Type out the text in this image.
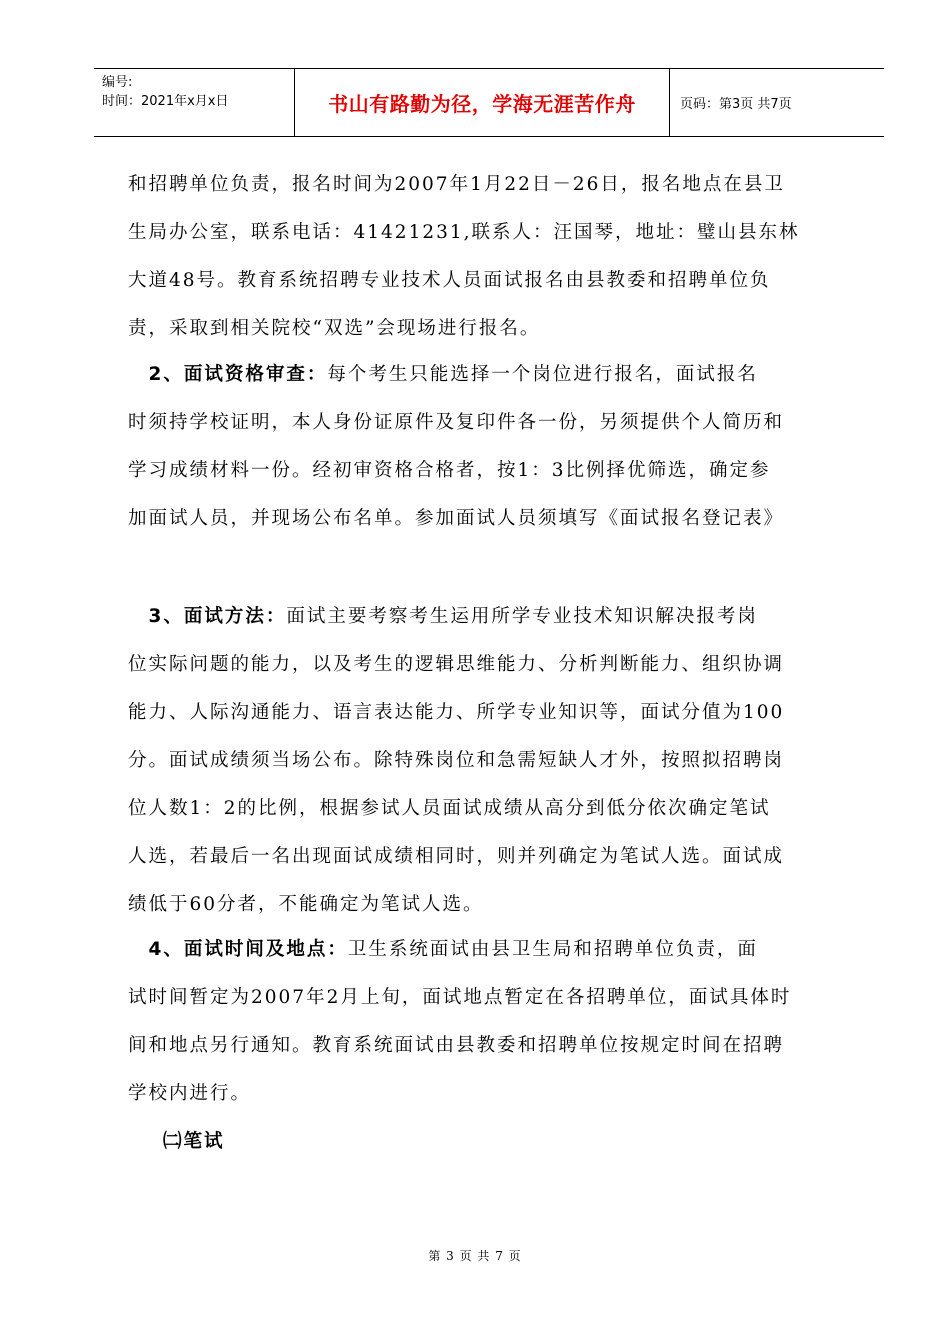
编号:
时间：2021年x月x日	书山有路勤为径，学海无涯苦作舟	页码：第3页 共7页
和招聘单位负责，报名时间为2007年1月22日－26日，报名地点在县卫
生局办公室，联系电话：41421231,联系人：汪国琴，地址：璧山县东林
大道48号。教育系统招聘专业技术人员面试报名由县教委和招聘单位负
责，采取到相关院校“双选”会现场进行报名。
 2、面试资格审查：每个考生只能选择一个岗位进行报名，面试报名
时须持学校证明，本人身份证原件及复印件各一份，另须提供个人简历和
学习成绩材料一份。经初审资格合格者，按1：3比例择优筛选，确定参
加面试人员，并现场公布名单。参加面试人员须填写《面试报名登记表》
 3、面试方法：面试主要考察考生运用所学专业技术知识解决报考岗
位实际问题的能力，以及考生的逻辑思维能力、分析判断能力、组织协调
能力、人际沟通能力、语言表达能力、所学专业知识等，面试分值为100
分。面试成绩须当场公布。除特殊岗位和急需短缺人才外，按照拟招聘岗
位人数1：2的比例，根据参试人员面试成绩从高分到低分依次确定笔试
人选，若最后一名出现面试成绩相同时，则并列确定为笔试人选。面试成
绩低于60分者，不能确定为笔试人选。
 4、面试时间及地点：卫生系统面试由县卫生局和招聘单位负责，面
试时间暂定为2007年2月上旬，面试地点暂定在各招聘单位，面试具体时
间和地点另行通知。教育系统面试由县教委和招聘单位按规定时间在招聘
学校内进行。
㈡笔试
第 3 页 共 7 页
